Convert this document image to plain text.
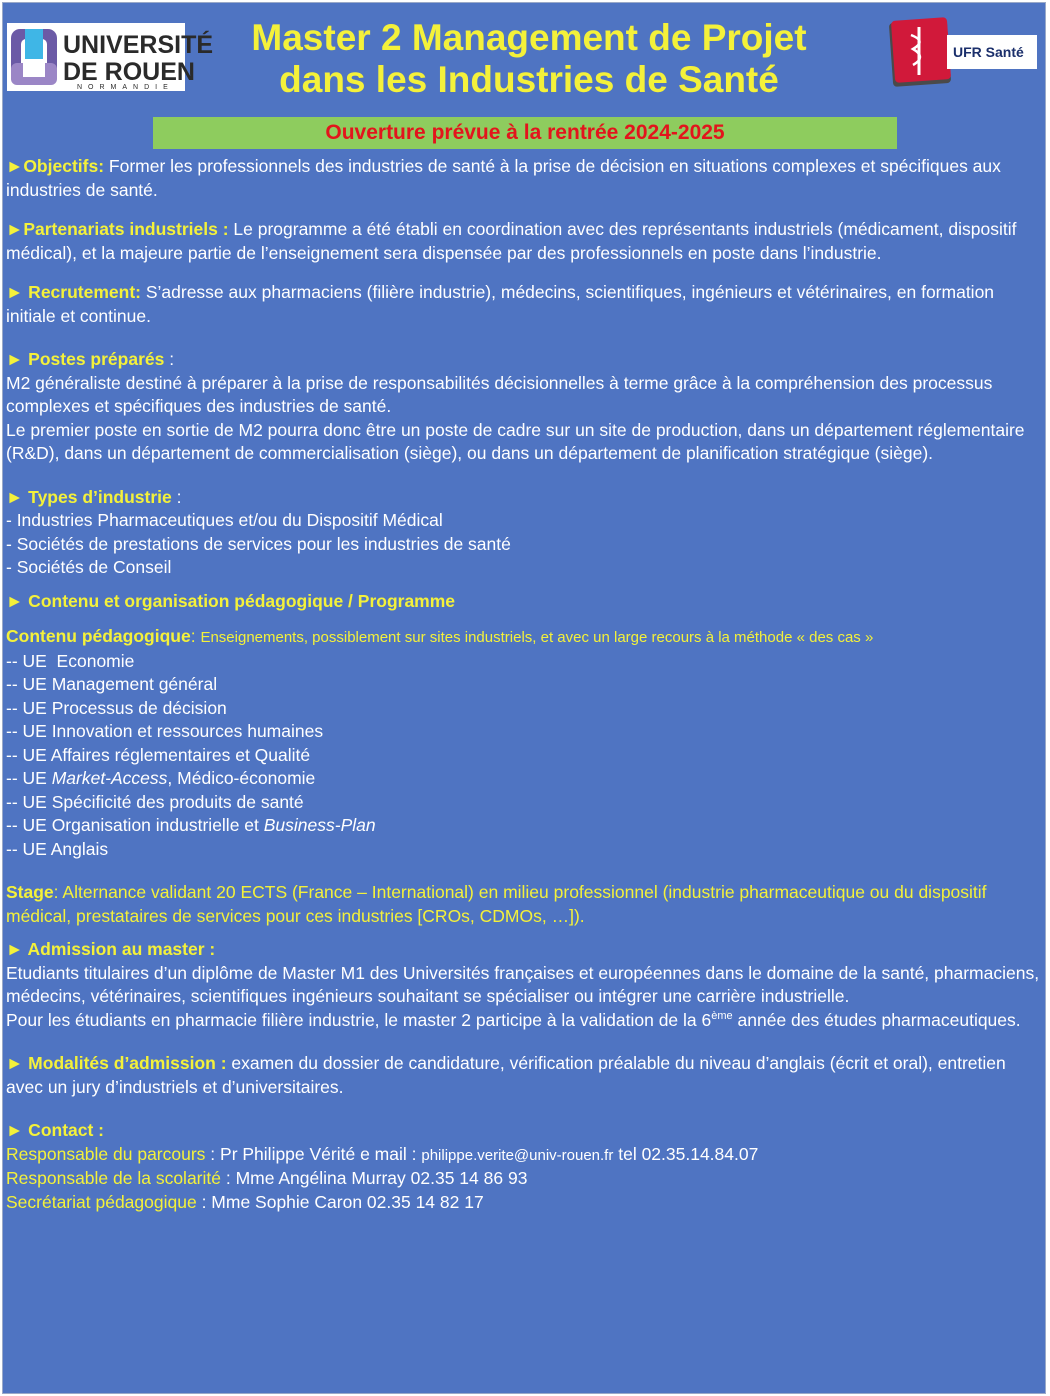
UNIVERSITÉ
DE ROUEN
NORMANDIE
Master 2 Management de Projet
dans les Industries de Santé
UFR Santé
Ouverture prévue à la rentrée 2024-2025

►Objectifs: Former les professionnels des industries de santé à la prise de décision en situations complexes et spécifiques aux industries de santé.

►Partenariats industriels : Le programme a été établi en coordination avec des représentants industriels (médicament, dispositif médical), et la majeure partie de l’enseignement sera dispensée par des professionnels en poste dans l’industrie.

► Recrutement: S’adresse aux pharmaciens (filière industrie), médecins, scientifiques, ingénieurs et vétérinaires, en formation initiale et continue.

► Postes préparés :

M2 généraliste destiné à préparer à la prise de responsabilités décisionnelles à terme grâce à la compréhension des processus complexes et spécifiques des industries de santé.

Le premier poste en sortie de M2 pourra donc être un poste de cadre sur un site de production, dans un département réglementaire (R&D), dans un département de commercialisation (siège), ou dans un département de planification stratégique (siège).

► Types d’industrie :

- Industries Pharmaceutiques et/ou du Dispositif Médical

- Sociétés de prestations de services pour les industries de santé

- Sociétés de Conseil

► Contenu et organisation pédagogique / Programme

Contenu pédagogique: Enseignements, possiblement sur sites industriels, et avec un large recours à la méthode « des cas »

-- UE  Economie

-- UE Management général

-- UE Processus de décision

-- UE Innovation et ressources humaines

-- UE Affaires réglementaires et Qualité

-- UE Market-Access, Médico-économie

-- UE Spécificité des produits de santé

-- UE Organisation industrielle et Business-Plan

-- UE Anglais

Stage: Alternance validant 20 ECTS (France – International) en milieu professionnel (industrie pharmaceutique ou du dispositif médical, prestataires de services pour ces industries [CROs, CDMOs, …]).

► Admission au master :

Etudiants titulaires d’un diplôme de Master M1 des Universités françaises et européennes dans le domaine de la santé, pharmaciens, médecins, vétérinaires, scientifiques ingénieurs souhaitant se spécialiser ou intégrer une carrière industrielle.

Pour les étudiants en pharmacie filière industrie, le master 2 participe à la validation de la 6ème année des études pharmaceutiques.

► Modalités d’admission : examen du dossier de candidature, vérification préalable du niveau d’anglais (écrit et oral), entretien avec un jury d’industriels et d’universitaires.

► Contact :

Responsable du parcours : Pr Philippe Vérité e mail : philippe.verite@univ-rouen.fr tel 02.35.14.84.07

Responsable de la scolarité : Mme Angélina Murray 02.35 14 86 93

Secrétariat pédagogique : Mme Sophie Caron 02.35 14 82 17
